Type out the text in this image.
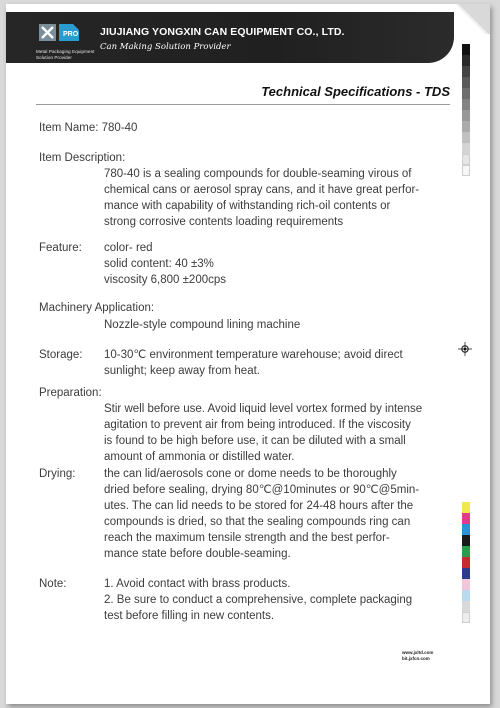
PRO
Metal Packaging Equipment
Solution Provider
JIUJIANG YONGXIN CAN EQUIPMENT CO., LTD.
Can Making Solution Provider
Technical Specifications - TDS
Item Name: 780-40
Item Description:
780-40 is a sealing compounds for double-seaming virous of
chemical cans or aerosol spray cans, and it have great perfor-
mance with capability of withstanding rich-oil contents or
strong corrosive contents loading requirements
Feature: color- red
solid content: 40 ±3%
viscosity 6,800 ±200cps
Machinery Application:
Nozzle-style compound lining machine
Storage: 10-30℃ environment temperature warehouse; avoid direct
sunlight; keep away from heat.
Preparation:
Stir well before use. Avoid liquid level vortex formed by intense
agitation to prevent air from being introduced. If the viscosity
is found to be high before use, it can be diluted with a small
amount of ammonia or distilled water.
Drying: the can lid/aerosols cone or dome needs to be thoroughly
dried before sealing, drying 80℃@10minutes or 90℃@5min-
utes. The can lid needs to be stored for 24-48 hours after the
compounds is dried, so that the sealing compounds ring can
reach the maximum tensile strength and the best perfor-
mance state before double-seaming.
Note:	1. Avoid contact with brass products.
2. Be sure to conduct a comprehensive, complete packaging
test before filling in new contents.
www.jxltd.com
bit.jxfcn.com
